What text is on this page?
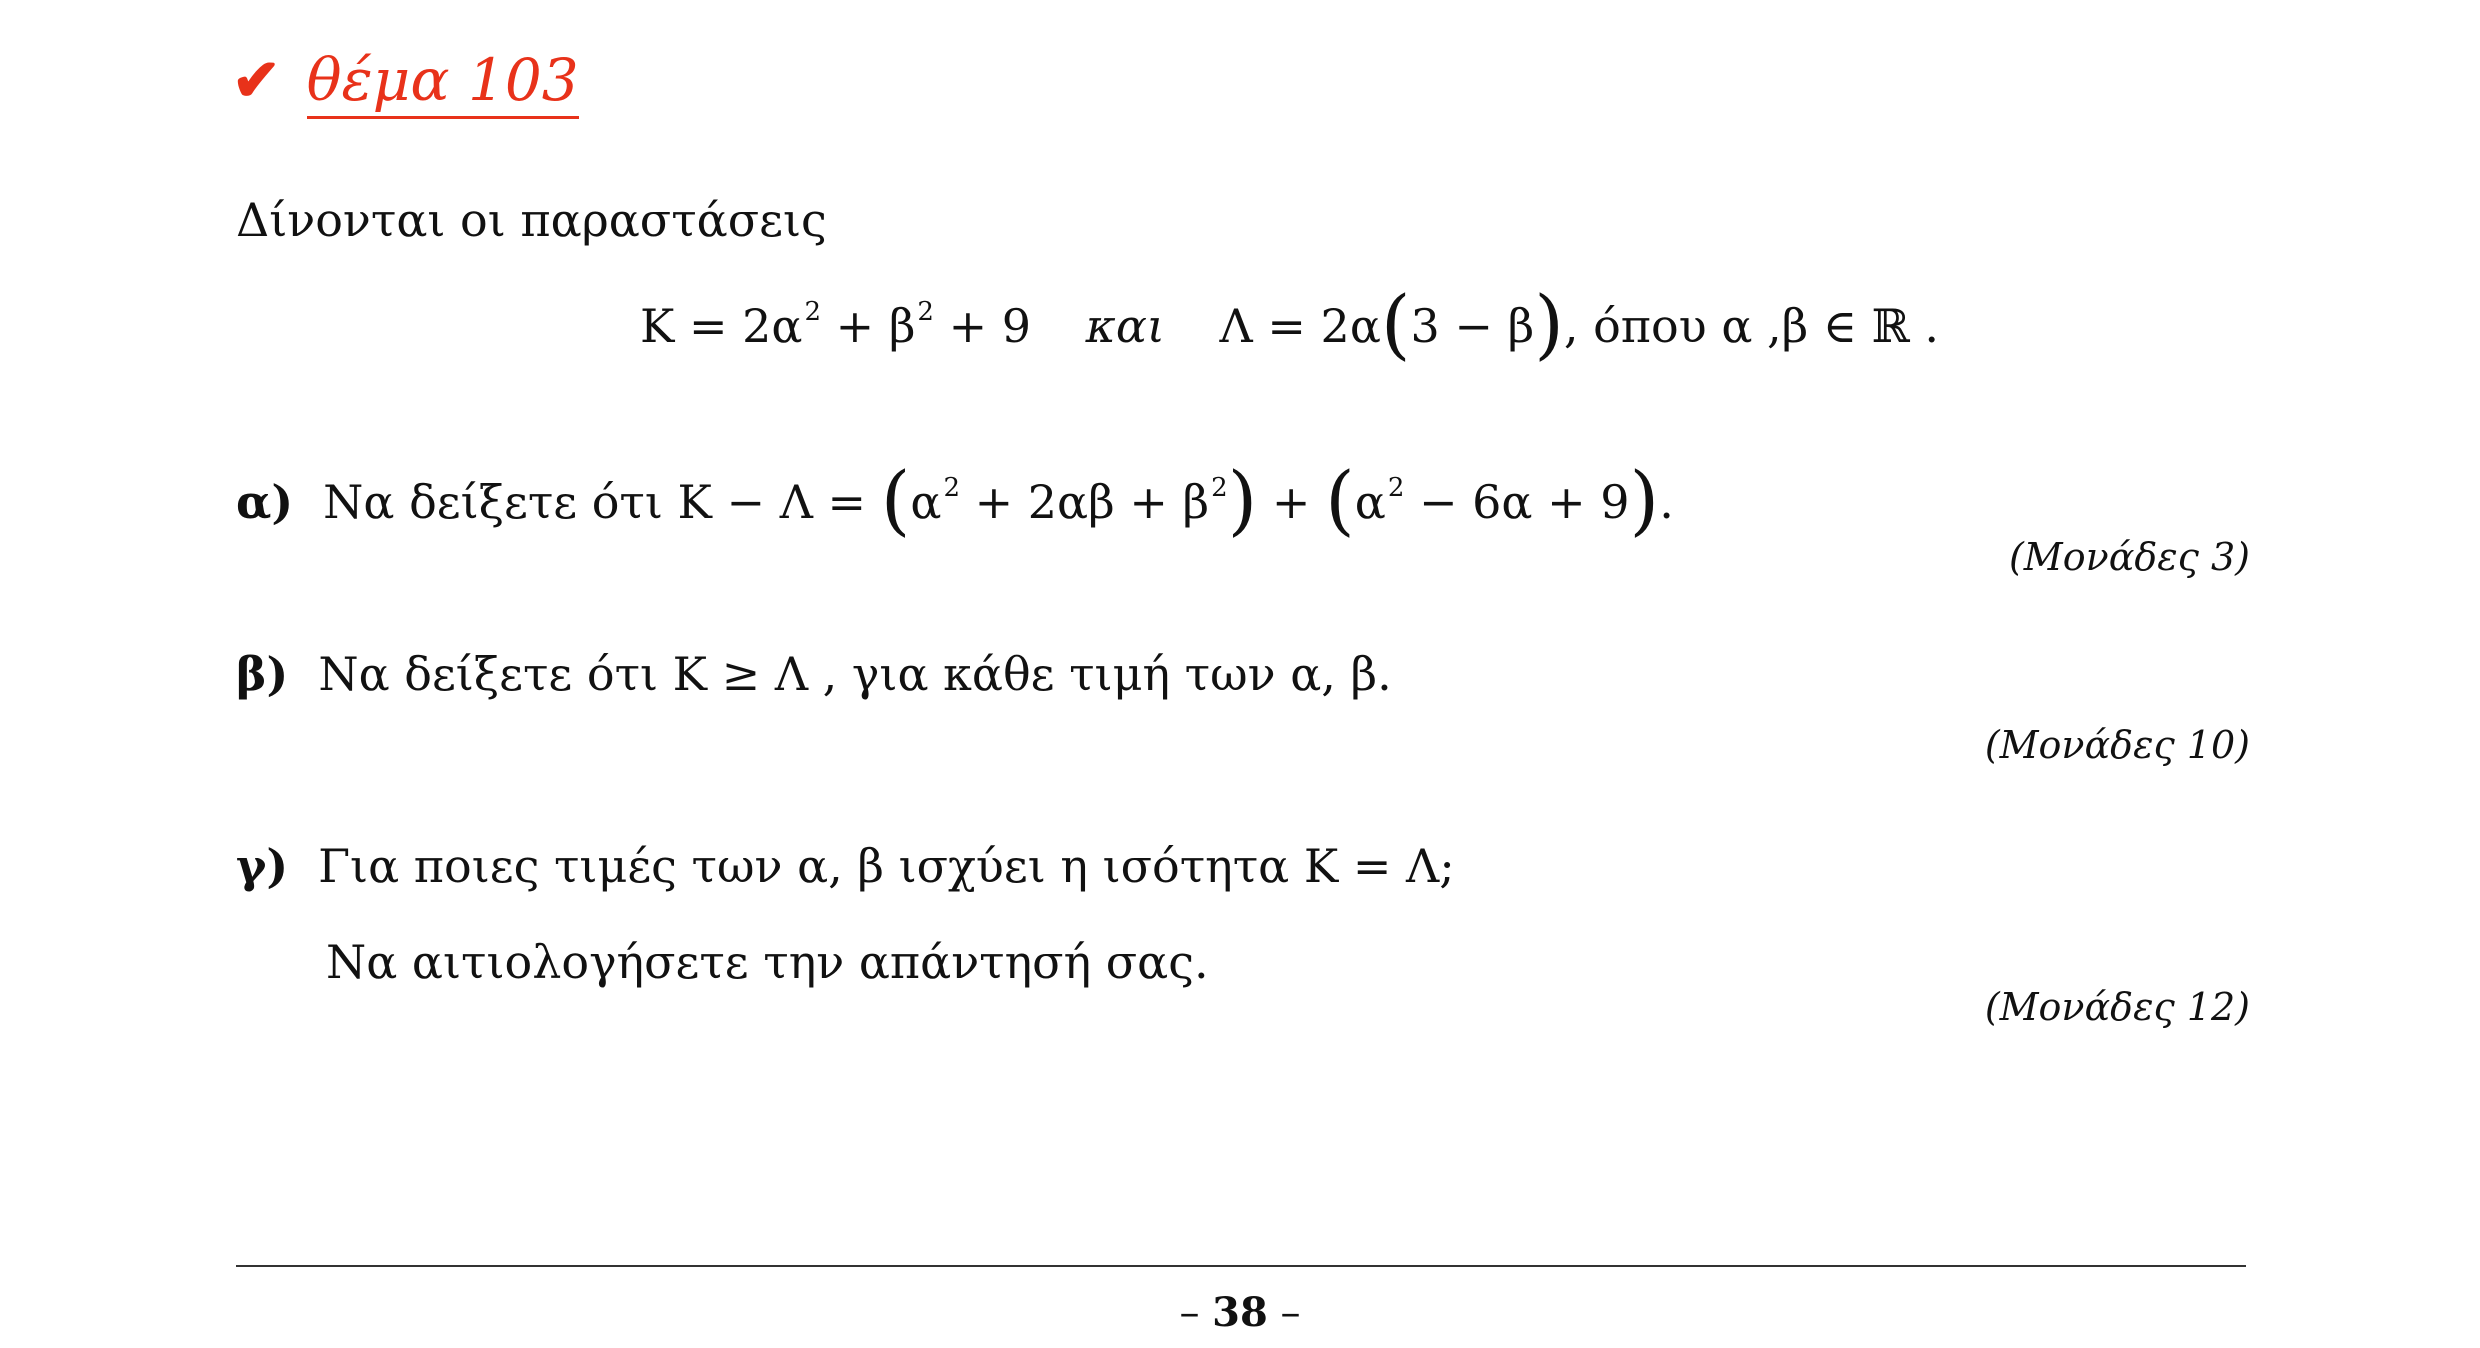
✔ θέμα 103
Δίνονται οι παραστάσεις
$K = 2\alpha^2 + \beta^2 + 9$ και Λ = 2α(3 − β), όπου α ,β ∈ ℝ .
α) Να δείξετε ότι $K - \Lambda = (\alpha^2 + 2\alpha\beta + \beta^2) + (\alpha^2 - 6\alpha + 9)$.
(Μονάδες 3)
β) Να δείξετε ότι K ≥ Λ , για κάθε τιμή των α, β.
(Μονάδες 10)
γ) Για ποιες τιμές των α, β ισχύει η ισότητα K = Λ;
Να αιτιολογήσετε την απάντησή σας.
(Μονάδες 12)
– 38 –
